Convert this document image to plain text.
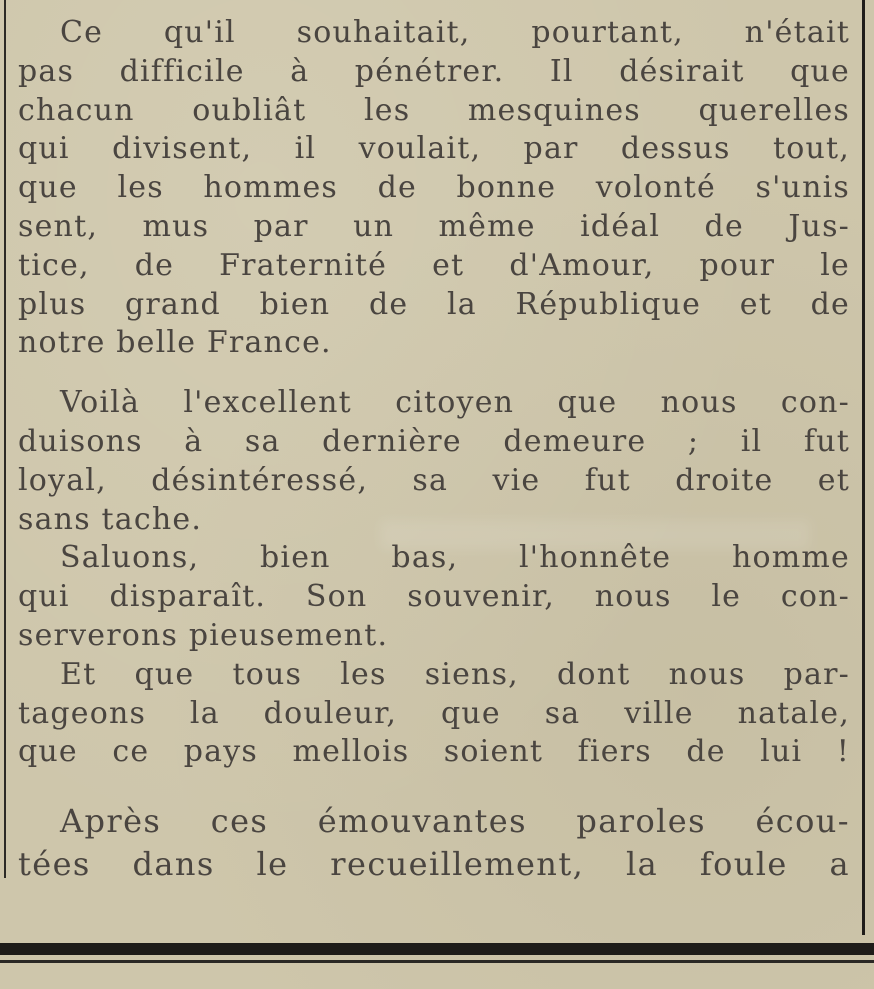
Ce qu'il souhaitait, pourtant, n'était
pas difficile à pénétrer. Il désirait que
chacun oubliât les mesquines querelles
qui divisent, il voulait, par dessus tout,
que les hommes de bonne volonté s'unis
sent, mus par un même idéal de Jus-
tice, de Fraternité et d'Amour, pour le
plus grand bien de la République et de
notre belle France.
Voilà l'excellent citoyen que nous con-
duisons à sa dernière demeure ; il fut
loyal, désintéressé, sa vie fut droite et
sans tache.
Saluons, bien bas, l'honnête homme
qui disparaît. Son souvenir, nous le con-
serverons pieusement.
Et que tous les siens, dont nous par-
tageons la douleur, que sa ville natale,
que ce pays mellois soient fiers de lui !
Après ces émouvantes paroles écou-
tées dans le recueillement, la foule a
